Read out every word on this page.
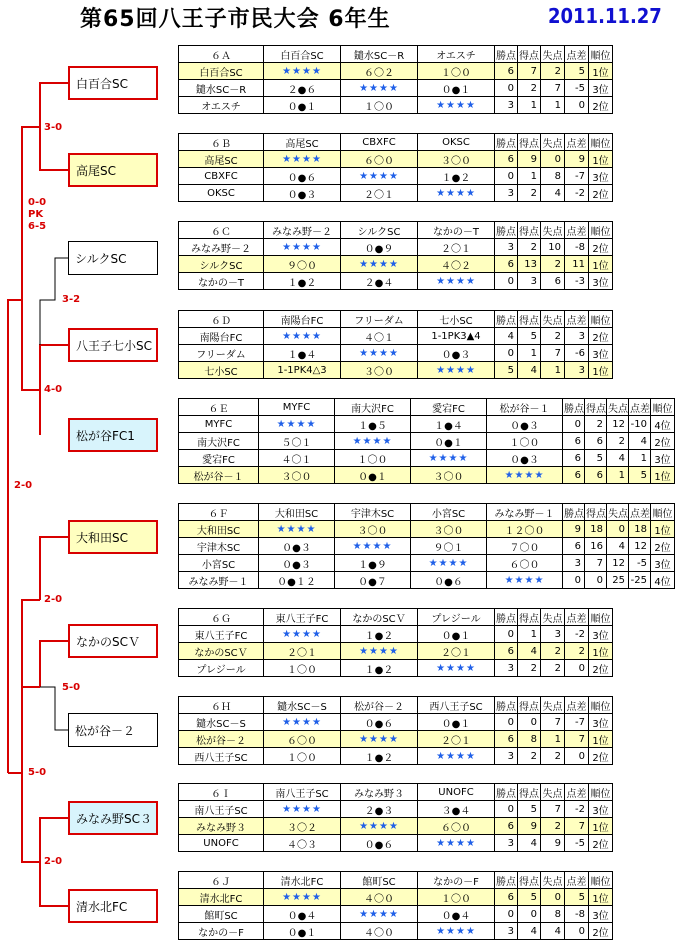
第65回八王子市民大会 6年生	2011.11.27
3-0
0-0
PK
6-5
3-2
4-0
2-0
2-0
5-0
5-0
2-0
白百合SC
高尾SC
シルクSC
八王子七小SC
松が谷FC1
大和田SC
なかのSCＶ
松が谷－２
みなみ野SC３
清水北FC
６Ａ	白百合SC	鑓水SC－R	オエスチ	勝点	得点	失点	点差	順位
白百合SC	★★★★	６〇２	１〇０	6	7	2	5	1位
鑓水SC－R	２●６	★★★★	０●１	0	2	7	-5	3位
オエスチ	０●１	１〇０	★★★★	3	1	1	0	2位
６Ｂ	高尾SC	CBXFC	OKSC	勝点	得点	失点	点差	順位
高尾SC	★★★★	６〇０	３〇０	6	9	0	9	1位
CBXFC	０●６	★★★★	１●２	0	1	8	-7	3位
OKSC	０●３	２〇１	★★★★	3	2	4	-2	2位
６Ｃ	みなみ野－２	シルクSC	なかの－T	勝点	得点	失点	点差	順位
みなみ野－２	★★★★	０●９	２〇１	3	2	10	-8	2位
シルクSC	９〇０	★★★★	４〇２	6	13	2	11	1位
なかの－T	１●２	２●４	★★★★	0	3	6	-3	3位
６Ｄ	南陽台FC	フリーダム	七小SC	勝点	得点	失点	点差	順位
南陽台FC	★★★★	４〇１	1-1PK3▲4	4	5	2	3	2位
フリーダム	１●４	★★★★	０●３	0	1	7	-6	3位
七小SC	1-1PK4△3	３〇０	★★★★	5	4	1	3	1位
６Ｅ	MYFC	南大沢FC	愛宕FC	松が谷－１	勝点	得点	失点	点差	順位
MYFC	★★★★	１●５	１●４	０●３	0	2	12	-10	4位
南大沢FC	５〇１	★★★★	０●１	１〇０	6	6	2	4	2位
愛宕FC	４〇１	１〇０	★★★★	０●３	6	5	4	1	3位
松が谷－１	３〇０	０●１	３〇０	★★★★	6	6	1	5	1位
６Ｆ	大和田SC	宇津木SC	小宮SC	みなみ野－１	勝点	得点	失点	点差	順位
大和田SC	★★★★	３〇０	３〇０	１２〇０	9	18	0	18	1位
宇津木SC	０●３	★★★★	９〇１	７〇０	6	16	4	12	2位
小宮SC	０●３	１●９	★★★★	６〇０	3	7	12	-5	3位
みなみ野－１	０●１２	０●７	０●６	★★★★	0	0	25	-25	4位
６Ｇ	東八王子FC	なかのSCＶ	プレジール	勝点	得点	失点	点差	順位
東八王子FC	★★★★	１●２	０●１	0	1	3	-2	3位
なかのSCＶ	２〇１	★★★★	２〇１	6	4	2	2	1位
プレジール	１〇０	１●２	★★★★	3	2	2	0	2位
６Ｈ	鑓水SC－S	松が谷－２	西八王子SC	勝点	得点	失点	点差	順位
鑓水SC－S	★★★★	０●６	０●１	0	0	7	-7	3位
松が谷－２	６〇０	★★★★	２〇１	6	8	1	7	1位
西八王子SC	１〇０	１●２	★★★★	3	2	2	0	2位
６Ｉ	南八王子SC	みなみ野３	UNOFC	勝点	得点	失点	点差	順位
南八王子SC	★★★★	２●３	３●４	0	5	7	-2	3位
みなみ野３	３〇２	★★★★	６〇０	6	9	2	7	1位
UNOFC	４〇３	０●６	★★★★	3	4	9	-5	2位
６Ｊ	清水北FC	館町SC	なかの－F	勝点	得点	失点	点差	順位
清水北FC	★★★★	４〇０	１〇０	6	5	0	5	1位
館町SC	０●４	★★★★	０●４	0	0	8	-8	3位
なかの－F	０●１	４〇０	★★★★	3	4	4	0	2位
